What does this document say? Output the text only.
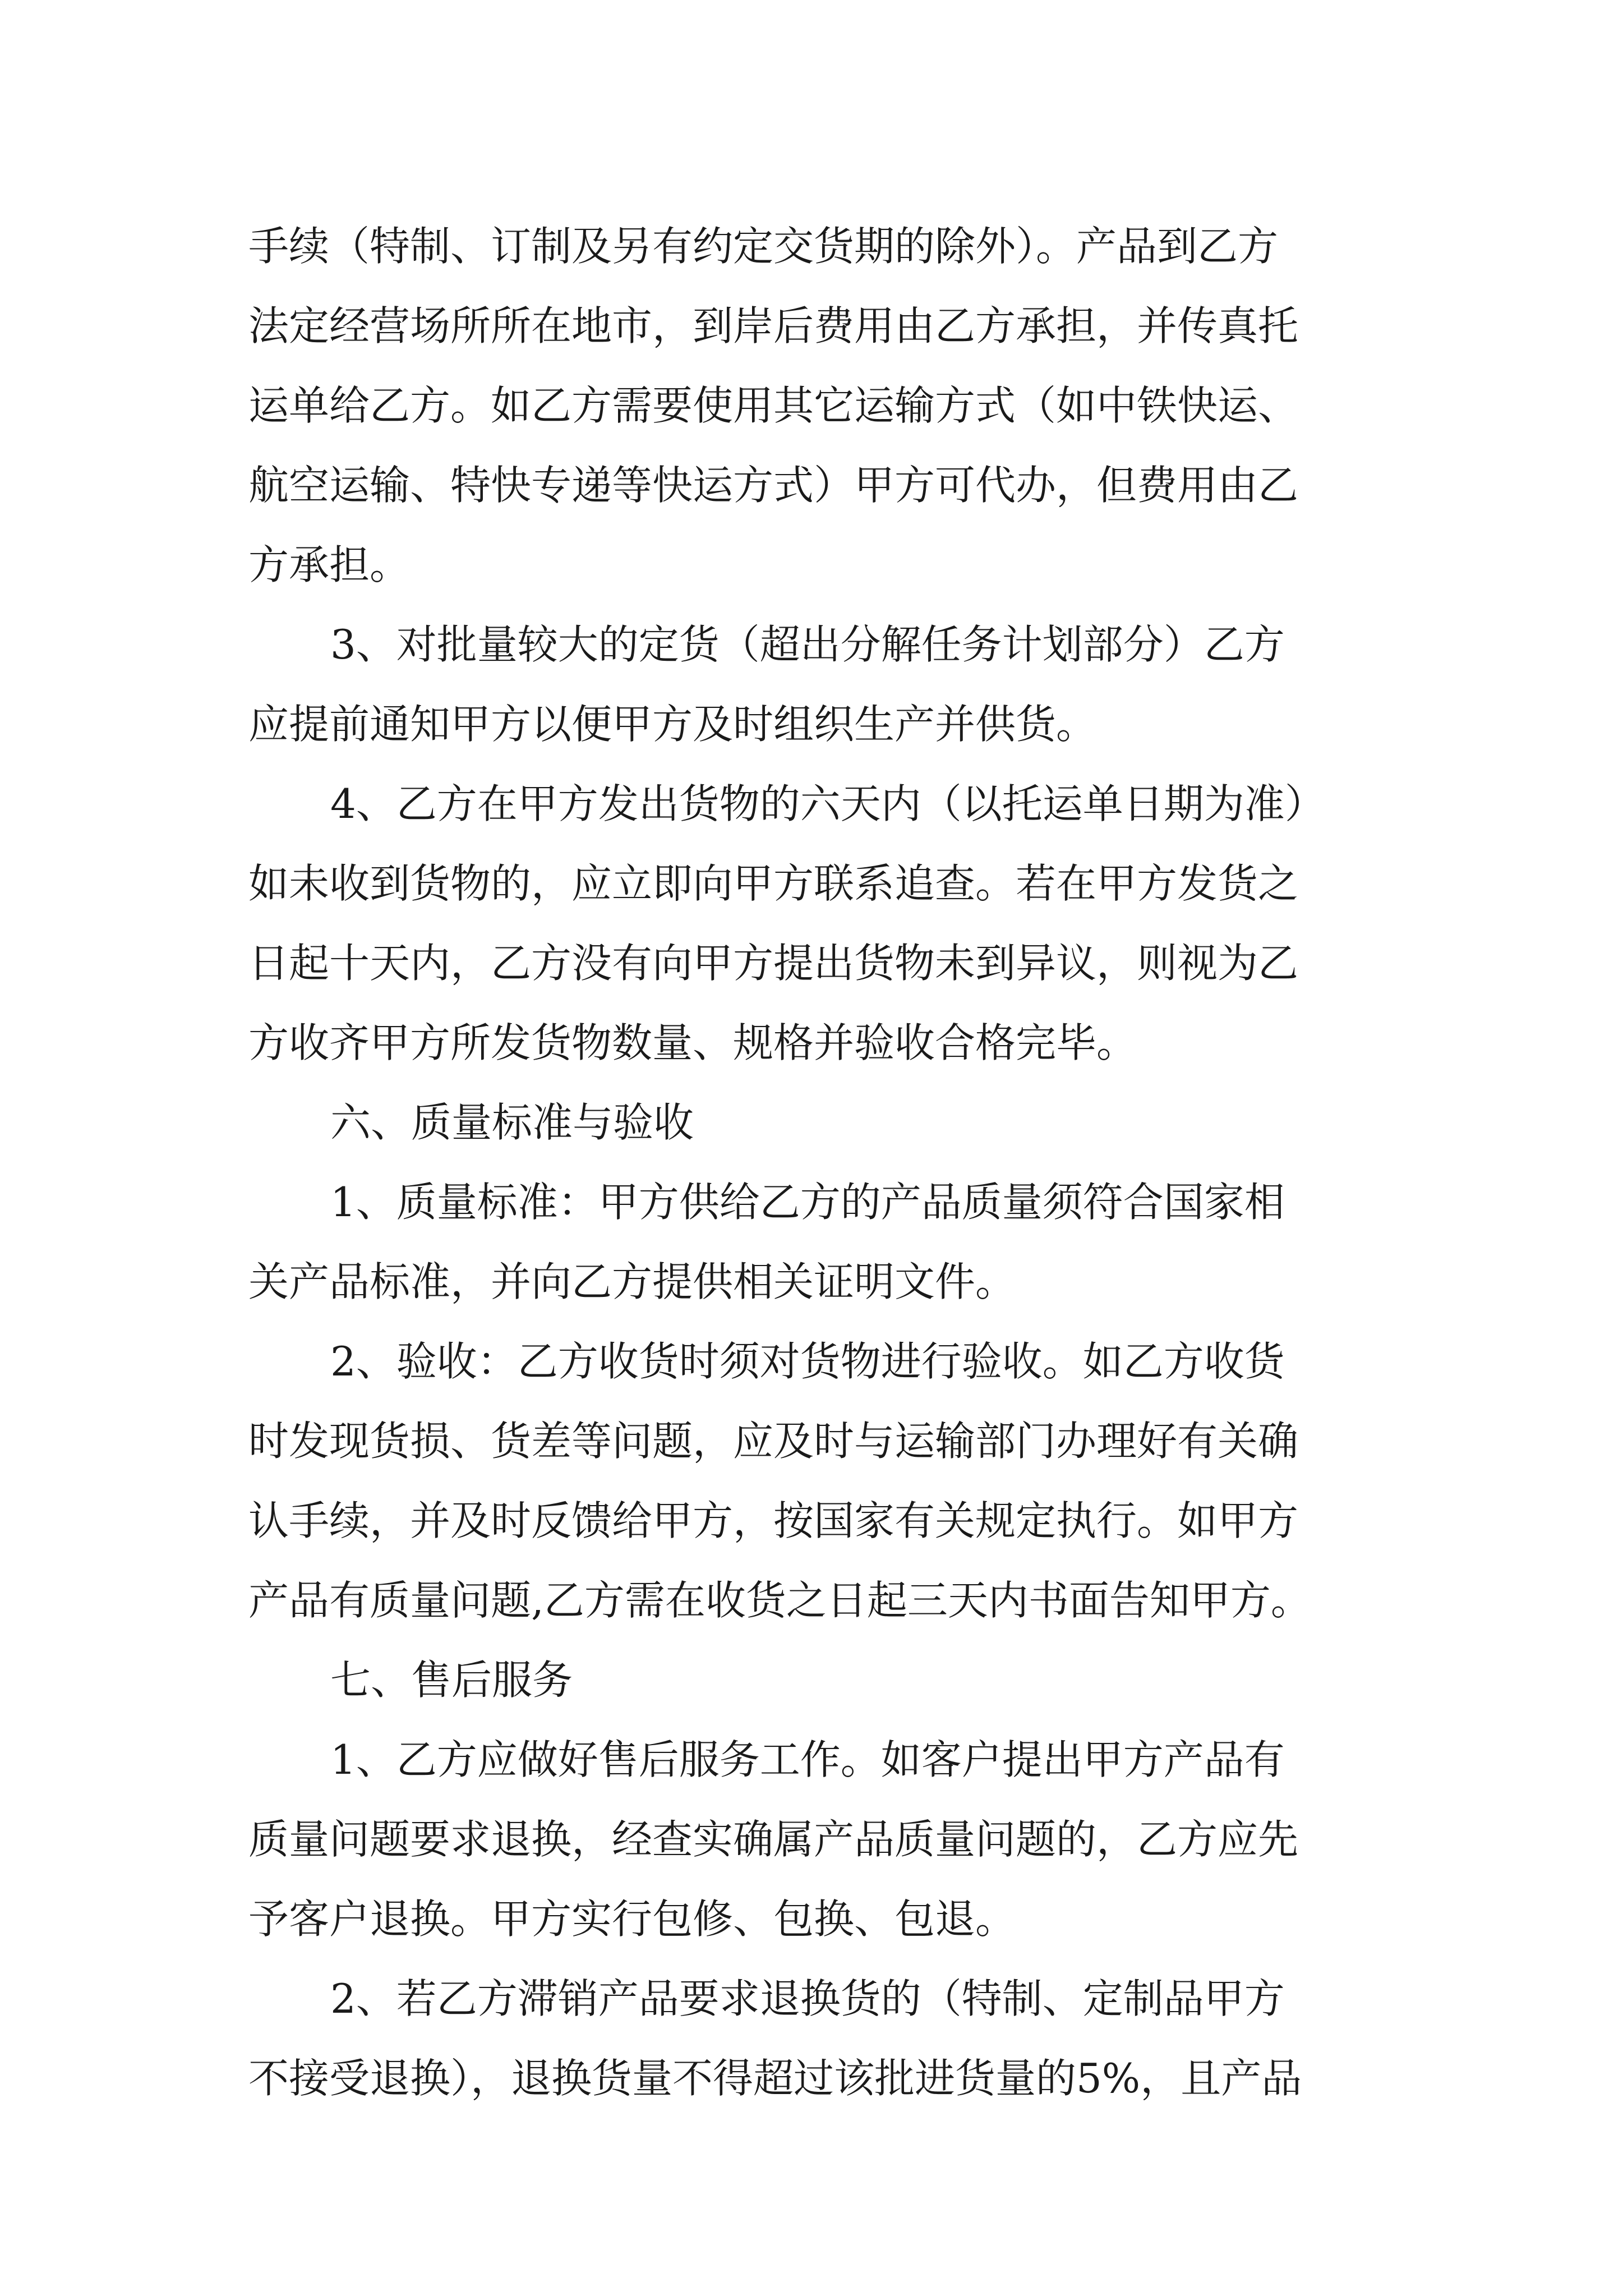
手续（特制、订制及另有约定交货期的除外）。产品到乙方
法定经营场所所在地市，到岸后费用由乙方承担，并传真托
运单给乙方。如乙方需要使用其它运输方式（如中铁快运、
航空运输、特快专递等快运方式）甲方可代办，但费用由乙
方承担。
3、对批量较大的定货（超出分解任务计划部分）乙方
应提前通知甲方以便甲方及时组织生产并供货。
4、乙方在甲方发出货物的六天内（以托运单日期为准）
如未收到货物的，应立即向甲方联系追查。若在甲方发货之
日起十天内，乙方没有向甲方提出货物未到异议，则视为乙
方收齐甲方所发货物数量、规格并验收合格完毕。
六、质量标准与验收
1、质量标准：甲方供给乙方的产品质量须符合国家相
关产品标准，并向乙方提供相关证明文件。
2、验收：乙方收货时须对货物进行验收。如乙方收货
时发现货损、货差等问题，应及时与运输部门办理好有关确
认手续，并及时反馈给甲方，按国家有关规定执行。如甲方
产品有质量问题,乙方需在收货之日起三天内书面告知甲方。
七、售后服务
1、乙方应做好售后服务工作。如客户提出甲方产品有
质量问题要求退换，经查实确属产品质量问题的，乙方应先
予客户退换。甲方实行包修、包换、包退。
2、若乙方滞销产品要求退换货的（特制、定制品甲方
不接受退换），退换货量不得超过该批进货量的5%，且产品
